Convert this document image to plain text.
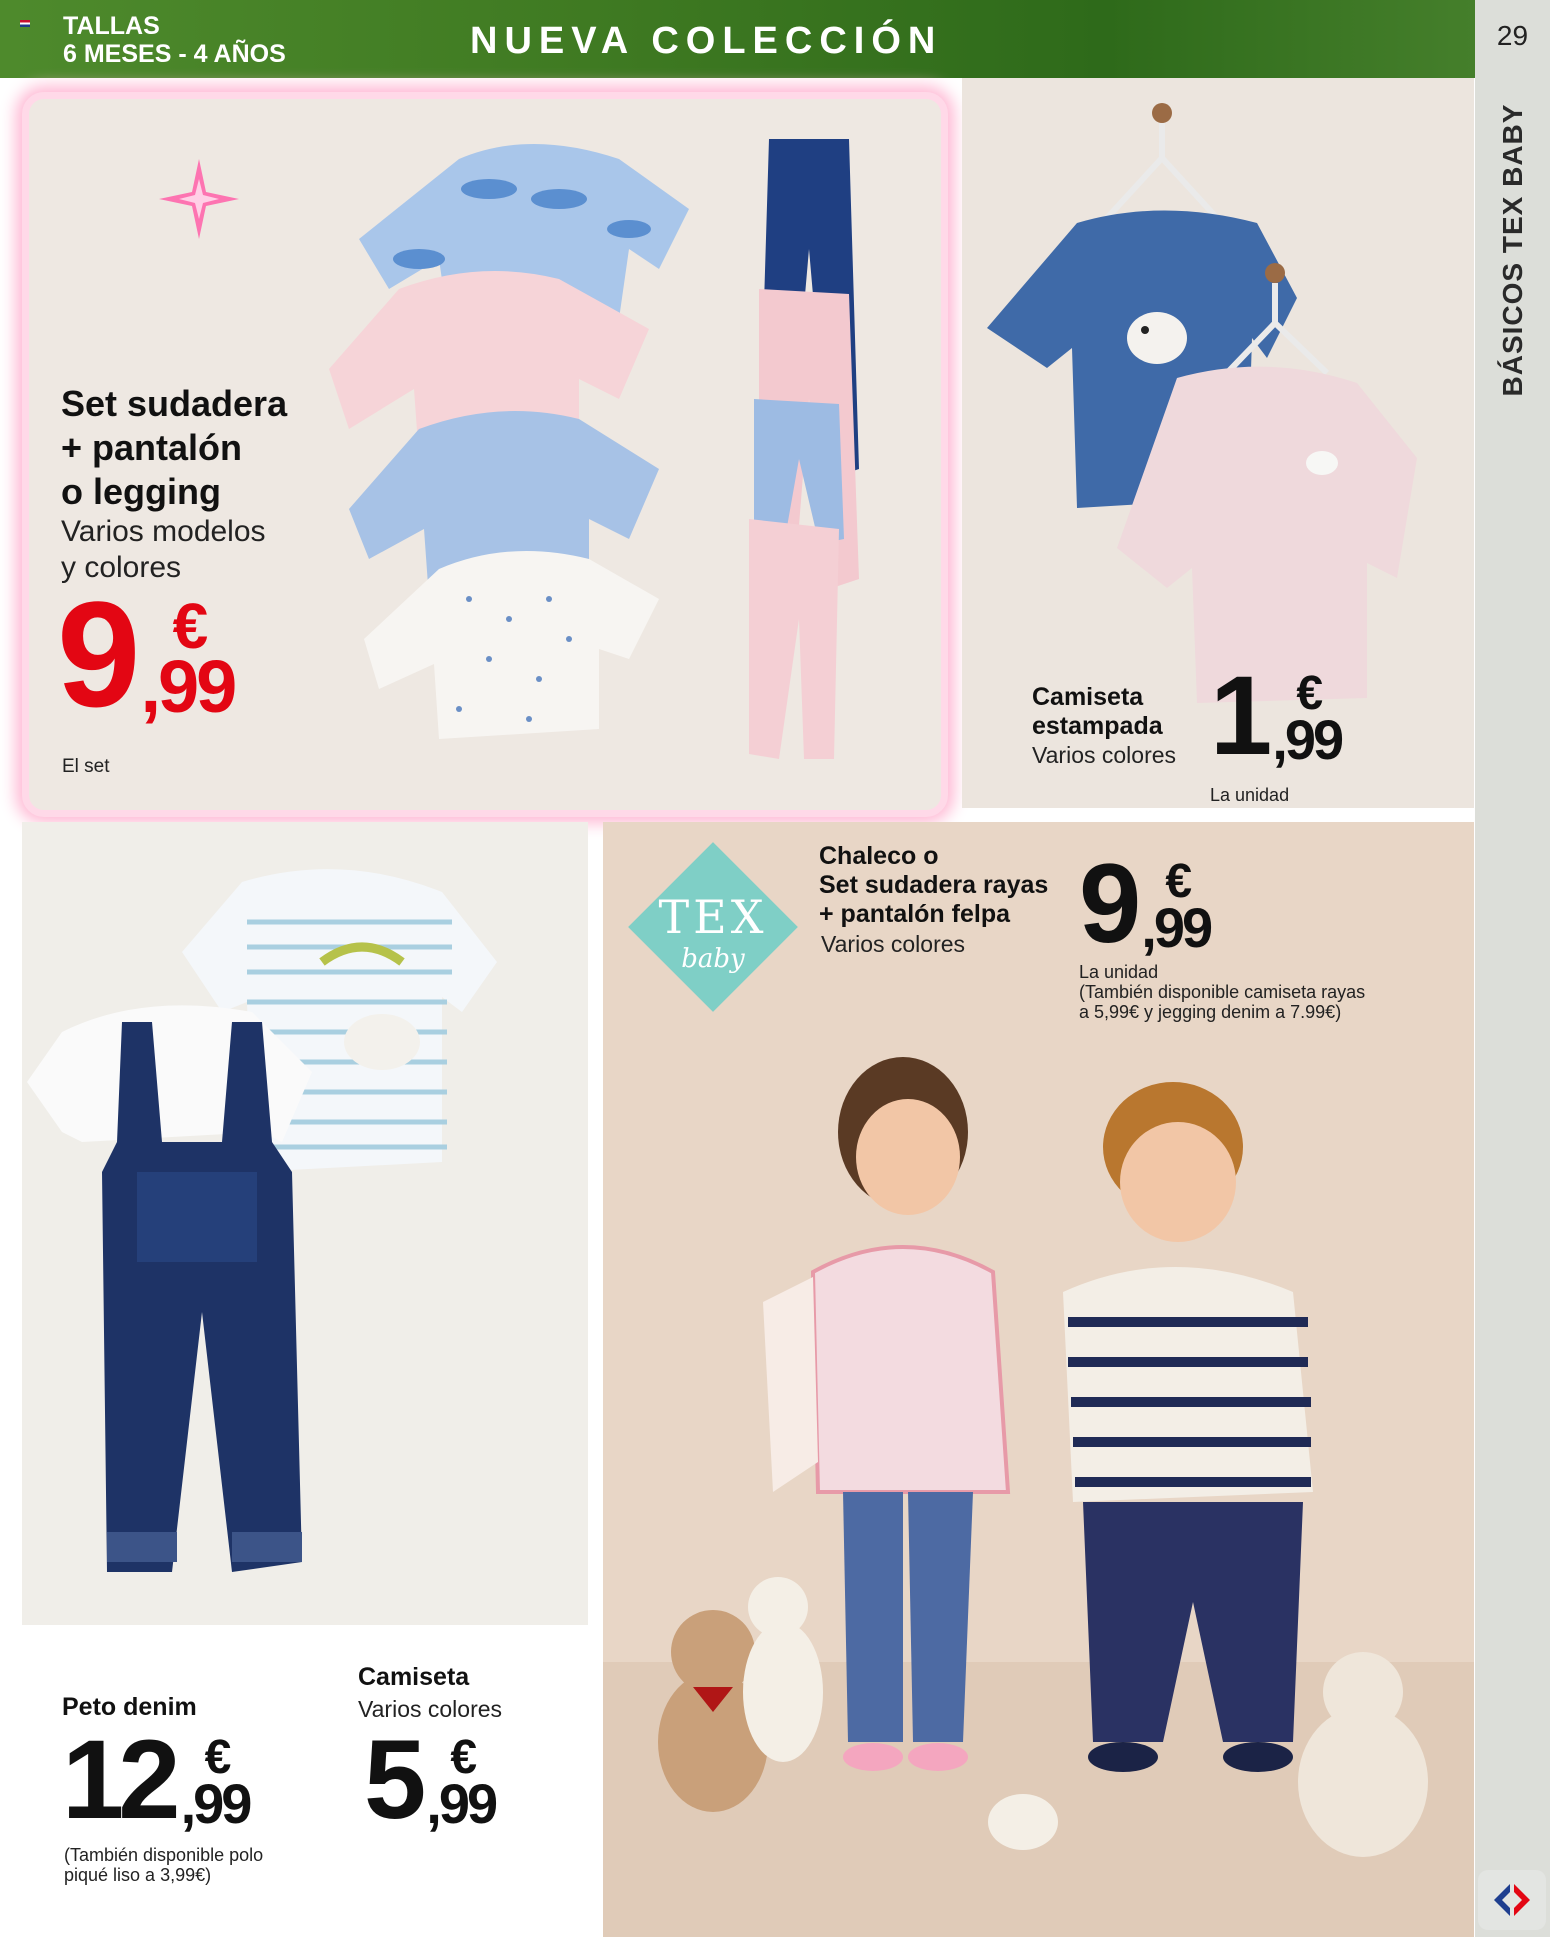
TALLAS
6 MESES - 4 AÑOS	NUEVA COLECCIÓN	29
BÁSICOS TEX BABY
Set sudadera
+ pantalón
o legging
Varios modelos
y colores
9 €
,99
El set
Camiseta
estampada
Varios colores 1 €
,99
La unidad
Peto denim
12 €
,99
(También disponible polo
piqué liso a 3,99€)
Camiseta
Varios colores
5 €
,99
TEX
baby
Chaleco o
Set sudadera rayas
+ pantalón felpa
Varios colores 9 €
,99
La unidad
(También disponible camiseta rayas
a 5,99€ y jegging denim a 7.99€)
